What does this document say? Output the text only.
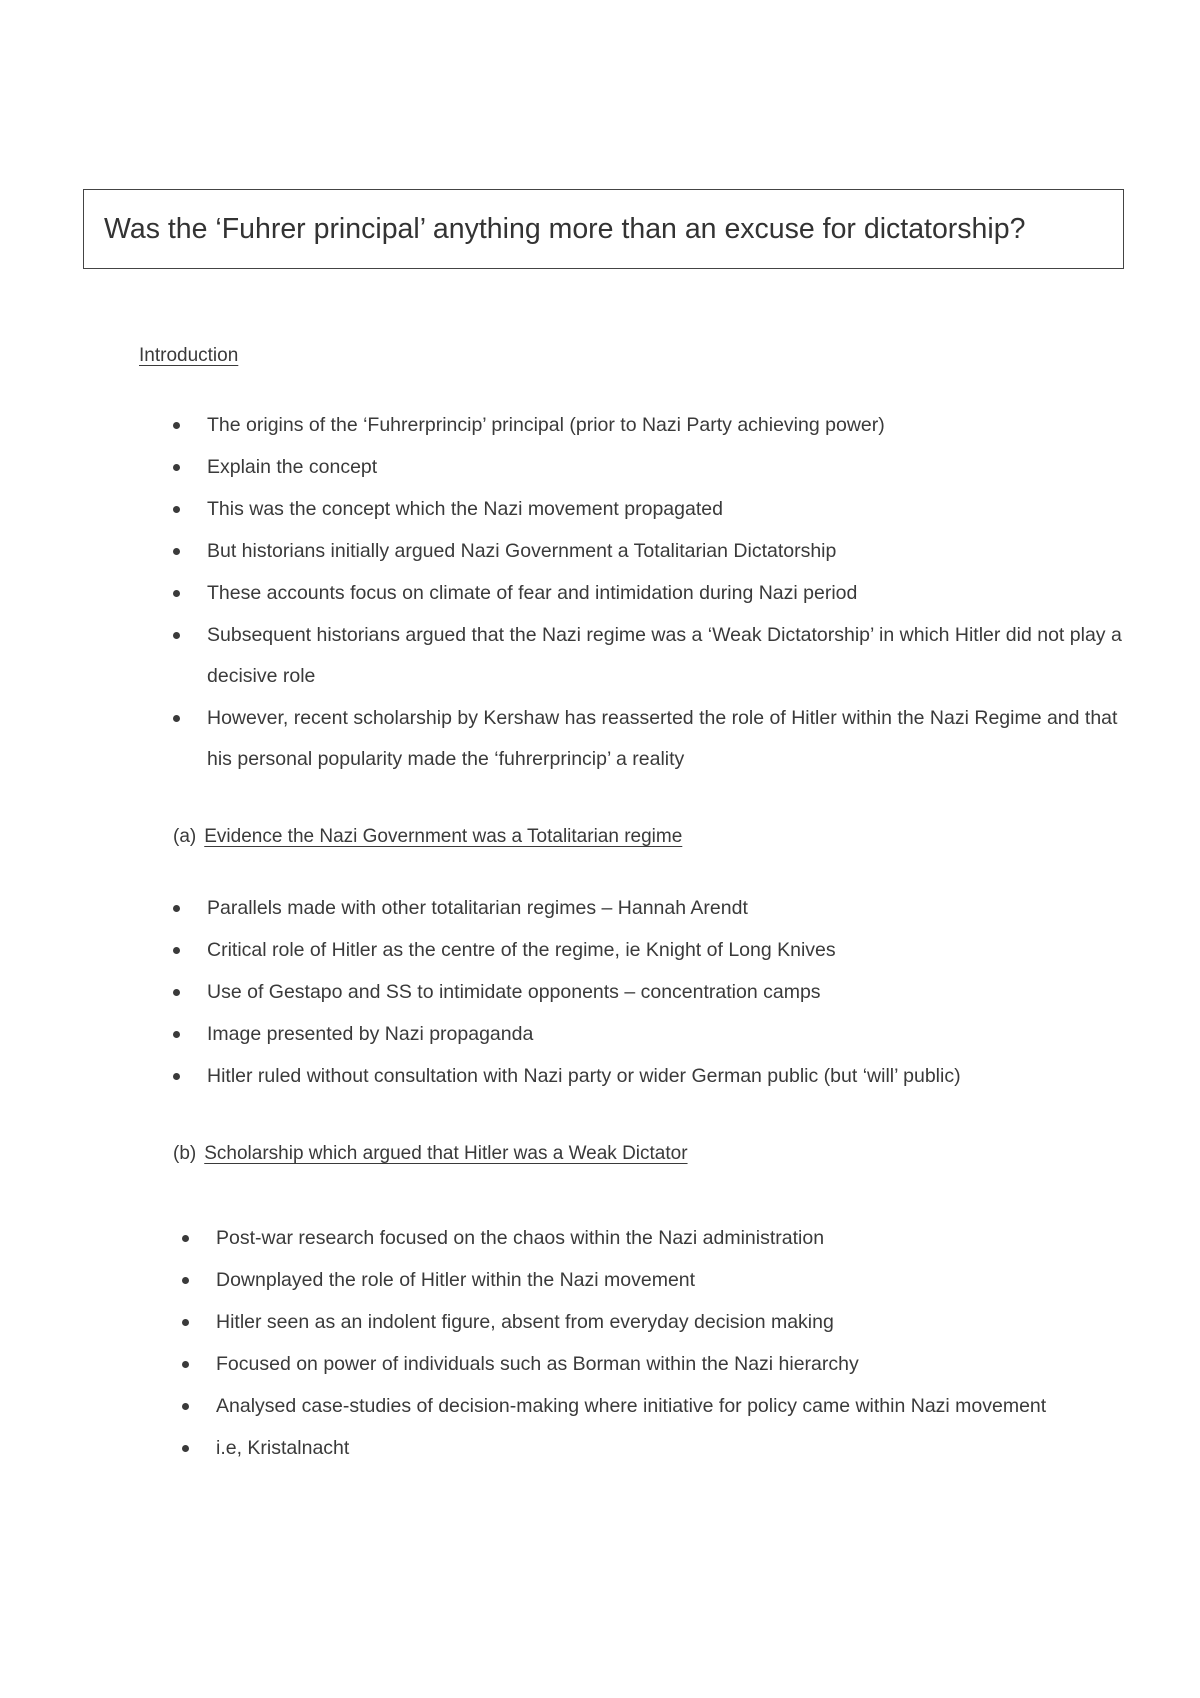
Was the ‘Fuhrer principal’ anything more than an excuse for dictatorship?
Introduction
The origins of the ‘Fuhrerprincip’ principal (prior to Nazi Party achieving power)
Explain the concept
This was the concept which the Nazi movement propagated
But historians initially argued Nazi Government a Totalitarian Dictatorship
These accounts focus on climate of fear and intimidation during Nazi period
Subsequent historians argued that the Nazi regime was a ‘Weak Dictatorship’ in which Hitler did not play a decisive role
However, recent scholarship by Kershaw has reasserted the role of Hitler within the Nazi Regime and that his personal popularity made the ‘fuhrerprincip’ a reality
(a) Evidence the Nazi Government was a Totalitarian regime
Parallels made with other totalitarian regimes – Hannah Arendt
Critical role of Hitler as the centre of the regime, ie Knight of Long Knives
Use of Gestapo and SS to intimidate opponents – concentration camps
Image presented by Nazi propaganda
Hitler ruled without consultation with Nazi party or wider German public (but ‘will’ public)
(b) Scholarship which argued that Hitler was a Weak Dictator
Post-war research focused on the chaos within the Nazi administration
Downplayed the role of Hitler within the Nazi movement
Hitler seen as an indolent figure, absent from everyday decision making
Focused on power of individuals such as Borman within the Nazi hierarchy
Analysed case-studies of decision-making where initiative for policy came within Nazi movement
i.e, Kristalnacht
